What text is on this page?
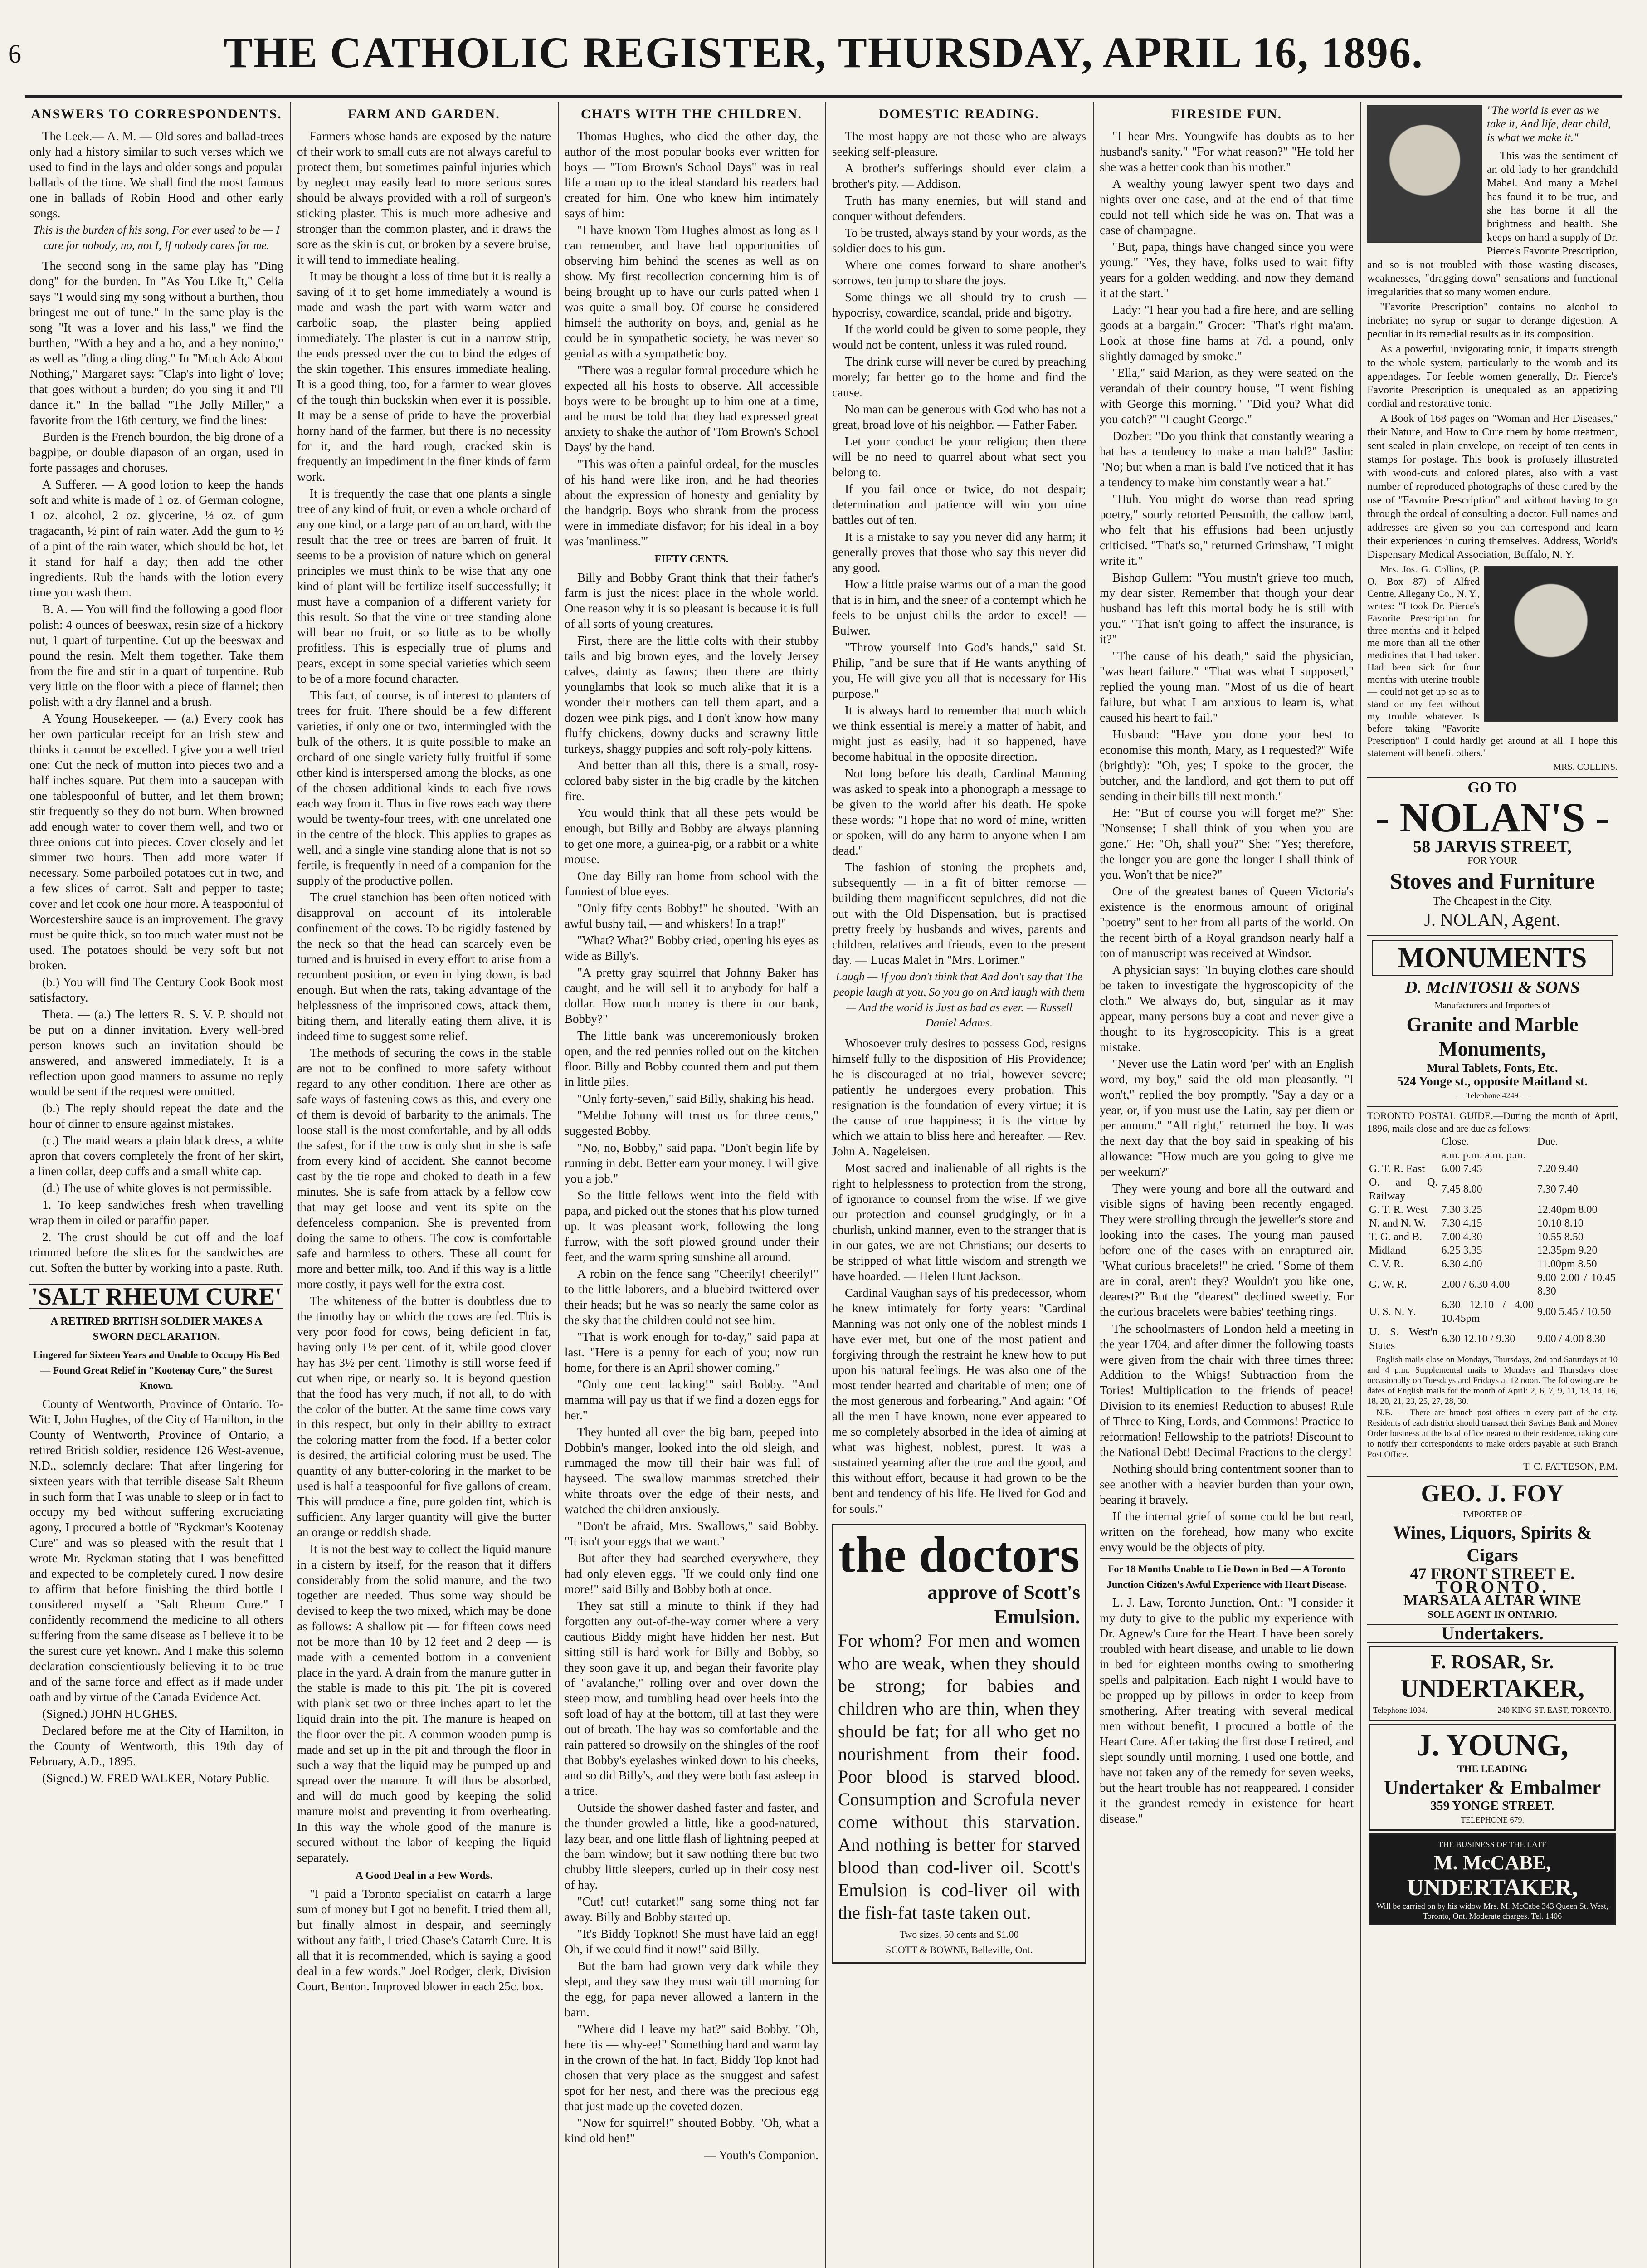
6	THE CATHOLIC REGISTER, THURSDAY, APRIL 16, 1896.
ANSWERS TO CORRESPONDENTS.

The Leek.— A. M. — Old sores and ballad-trees only had a history similar to such verses which we used to find in the lays and older songs and popular ballads of the time. We shall find the most famous one in ballads of Robin Hood and other early songs.

This is the burden of his song, For ever used to be — I care for nobody, no, not I, If nobody cares for me.

The second song in the same play has "Ding dong" for the burden. In "As You Like It," Celia says "I would sing my song without a burthen, thou bringest me out of tune." In the same play is the song "It was a lover and his lass," we find the burthen, "With a hey and a ho, and a hey nonino," as well as "ding a ding ding." In "Much Ado About Nothing," Margaret says: "Clap's into light o' love; that goes without a burden; do you sing it and I'll dance it." In the ballad "The Jolly Miller," a favorite from the 16th century, we find the lines:

Burden is the French bourdon, the big drone of a bagpipe, or double diapason of an organ, used in forte passages and choruses.

A Sufferer. — A good lotion to keep the hands soft and white is made of 1 oz. of German cologne, 1 oz. alcohol, 2 oz. glycerine, ½ oz. of gum tragacanth, ½ pint of rain water. Add the gum to ½ of a pint of the rain water, which should be hot, let it stand for half a day; then add the other ingredients. Rub the hands with the lotion every time you wash them.

B. A. — You will find the following a good floor polish: 4 ounces of beeswax, resin size of a hickory nut, 1 quart of turpentine. Cut up the beeswax and pound the resin. Melt them together. Take them from the fire and stir in a quart of turpentine. Rub very little on the floor with a piece of flannel; then polish with a dry flannel and a brush.

A Young Housekeeper. — (a.) Every cook has her own particular receipt for an Irish stew and thinks it cannot be excelled. I give you a well tried one: Cut the neck of mutton into pieces two and a half inches square. Put them into a saucepan with one tablespoonful of butter, and let them brown; stir frequently so they do not burn. When browned add enough water to cover them well, and two or three onions cut into pieces. Cover closely and let simmer two hours. Then add more water if necessary. Some parboiled potatoes cut in two, and a few slices of carrot. Salt and pepper to taste; cover and let cook one hour more. A teaspoonful of Worcestershire sauce is an improvement. The gravy must be quite thick, so too much water must not be used. The potatoes should be very soft but not broken.

(b.) You will find The Century Cook Book most satisfactory.

Theta. — (a.) The letters R. S. V. P. should not be put on a dinner invitation. Every well-bred person knows such an invitation should be answered, and answered immediately. It is a reflection upon good manners to assume no reply would be sent if the request were omitted.

(b.) The reply should repeat the date and the hour of dinner to ensure against mistakes.

(c.) The maid wears a plain black dress, a white apron that covers completely the front of her skirt, a linen collar, deep cuffs and a small white cap.

(d.) The use of white gloves is not permissible.

1. To keep sandwiches fresh when travelling wrap them in oiled or paraffin paper.

2. The crust should be cut off and the loaf trimmed before the slices for the sandwiches are cut. Soften the butter by working into a paste. Ruth.

'SALT RHEUM CURE'
A RETIRED BRITISH SOLDIER MAKES A SWORN DECLARATION.
Lingered for Sixteen Years and Unable to Occupy His Bed — Found Great Relief in "Kootenay Cure," the Surest Known.

County of Wentworth, Province of Ontario. To-Wit: I, John Hughes, of the City of Hamilton, in the County of Wentworth, Province of Ontario, a retired British soldier, residence 126 West-avenue, N.D., solemnly declare: That after lingering for sixteen years with that terrible disease Salt Rheum in such form that I was unable to sleep or in fact to occupy my bed without suffering excruciating agony, I procured a bottle of "Ryckman's Kootenay Cure" and was so pleased with the result that I wrote Mr. Ryckman stating that I was benefitted and expected to be completely cured. I now desire to affirm that before finishing the third bottle I considered myself a "Salt Rheum Cure." I confidently recommend the medicine to all others suffering from the same disease as I believe it to be the surest cure yet known. And I make this solemn declaration conscientiously believing it to be true and of the same force and effect as if made under oath and by virtue of the Canada Evidence Act.

(Signed.) JOHN HUGHES.

Declared before me at the City of Hamilton, in the County of Wentworth, this 19th day of February, A.D., 1895.

(Signed.) W. FRED WALKER, Notary Public.

FARM AND GARDEN.

Farmers whose hands are exposed by the nature of their work to small cuts are not always careful to protect them; but sometimes painful injuries which by neglect may easily lead to more serious sores should be always provided with a roll of surgeon's sticking plaster. This is much more adhesive and stronger than the common plaster, and it draws the sore as the skin is cut, or broken by a severe bruise, it will tend to immediate healing.

It may be thought a loss of time but it is really a saving of it to get home immediately a wound is made and wash the part with warm water and carbolic soap, the plaster being applied immediately. The plaster is cut in a narrow strip, the ends pressed over the cut to bind the edges of the skin together. This ensures immediate healing. It is a good thing, too, for a farmer to wear gloves of the tough thin buckskin when ever it is possible. It may be a sense of pride to have the proverbial horny hand of the farmer, but there is no necessity for it, and the hard rough, cracked skin is frequently an impediment in the finer kinds of farm work.

It is frequently the case that one plants a single tree of any kind of fruit, or even a whole orchard of any one kind, or a large part of an orchard, with the result that the tree or trees are barren of fruit. It seems to be a provision of nature which on general principles we must think to be wise that any one kind of plant will be fertilize itself successfully; it must have a companion of a different variety for this result. So that the vine or tree standing alone will bear no fruit, or so little as to be wholly profitless. This is especially true of plums and pears, except in some special varieties which seem to be of a more focund character.

This fact, of course, is of interest to planters of trees for fruit. There should be a few different varieties, if only one or two, intermingled with the bulk of the others. It is quite possible to make an orchard of one single variety fully fruitful if some other kind is interspersed among the blocks, as one of the chosen additional kinds to each five rows each way from it. Thus in five rows each way there would be twenty-four trees, with one unrelated one in the centre of the block. This applies to grapes as well, and a single vine standing alone that is not so fertile, is frequently in need of a companion for the supply of the productive pollen.

The cruel stanchion has been often noticed with disapproval on account of its intolerable confinement of the cows. To be rigidly fastened by the neck so that the head can scarcely even be turned and is bruised in every effort to arise from a recumbent position, or even in lying down, is bad enough. But when the rats, taking advantage of the helplessness of the imprisoned cows, attack them, biting them, and literally eating them alive, it is indeed time to suggest some relief.

The methods of securing the cows in the stable are not to be confined to more safety without regard to any other condition. There are other as safe ways of fastening cows as this, and every one of them is devoid of barbarity to the animals. The loose stall is the most comfortable, and by all odds the safest, for if the cow is only shut in she is safe from every kind of accident. She cannot become cast by the tie rope and choked to death in a few minutes. She is safe from attack by a fellow cow that may get loose and vent its spite on the defenceless companion. She is prevented from doing the same to others. The cow is comfortable safe and harmless to others. These all count for more and better milk, too. And if this way is a little more costly, it pays well for the extra cost.

The whiteness of the butter is doubtless due to the timothy hay on which the cows are fed. This is very poor food for cows, being deficient in fat, having only 1½ per cent. of it, while good clover hay has 3½ per cent. Timothy is still worse feed if cut when ripe, or nearly so. It is beyond question that the food has very much, if not all, to do with the color of the butter. At the same time cows vary in this respect, but only in their ability to extract the coloring matter from the food. If a better color is desired, the artificial coloring must be used. The quantity of any butter-coloring in the market to be used is half a teaspoonful for five gallons of cream. This will produce a fine, pure golden tint, which is sufficient. Any larger quantity will give the butter an orange or reddish shade.

It is not the best way to collect the liquid manure in a cistern by itself, for the reason that it differs considerably from the solid manure, and the two together are needed. Thus some way should be devised to keep the two mixed, which may be done as follows: A shallow pit — for fifteen cows need not be more than 10 by 12 feet and 2 deep — is made with a cemented bottom in a convenient place in the yard. A drain from the manure gutter in the stable is made to this pit. The pit is covered with plank set two or three inches apart to let the liquid drain into the pit. The manure is heaped on the floor over the pit. A common wooden pump is made and set up in the pit and through the floor in such a way that the liquid may be pumped up and spread over the manure. It will thus be absorbed, and will do much good by keeping the solid manure moist and preventing it from overheating. In this way the whole good of the manure is secured without the labor of keeping the liquid separately.

A Good Deal in a Few Words.

"I paid a Toronto specialist on catarrh a large sum of money but I got no benefit. I tried them all, but finally almost in despair, and seemingly without any faith, I tried Chase's Catarrh Cure. It is all that it is recommended, which is saying a good deal in a few words." Joel Rodger, clerk, Division Court, Benton. Improved blower in each 25c. box.

CHATS WITH THE CHILDREN.

Thomas Hughes, who died the other day, the author of the most popular books ever written for boys — "Tom Brown's School Days" was in real life a man up to the ideal standard his readers had created for him. One who knew him intimately says of him:

"I have known Tom Hughes almost as long as I can remember, and have had opportunities of observing him behind the scenes as well as on show. My first recollection concerning him is of being brought up to have our curls patted when I was quite a small boy. Of course he considered himself the authority on boys, and, genial as he could be in sympathetic society, he was never so genial as with a sympathetic boy.

"There was a regular formal procedure which he expected all his hosts to observe. All accessible boys were to be brought up to him one at a time, and he must be told that they had expressed great anxiety to shake the author of 'Tom Brown's School Days' by the hand.

"This was often a painful ordeal, for the muscles of his hand were like iron, and he had theories about the expression of honesty and geniality by the handgrip. Boys who shrank from the process were in immediate disfavor; for his ideal in a boy was 'manliness.'"

FIFTY CENTS.

Billy and Bobby Grant think that their father's farm is just the nicest place in the whole world. One reason why it is so pleasant is because it is full of all sorts of young creatures.

First, there are the little colts with their stubby tails and big brown eyes, and the lovely Jersey calves, dainty as fawns; then there are thirty younglambs that look so much alike that it is a wonder their mothers can tell them apart, and a dozen wee pink pigs, and I don't know how many fluffy chickens, downy ducks and scrawny little turkeys, shaggy puppies and soft roly-poly kittens.

And better than all this, there is a small, rosy-colored baby sister in the big cradle by the kitchen fire.

You would think that all these pets would be enough, but Billy and Bobby are always planning to get one more, a guinea-pig, or a rabbit or a white mouse.

One day Billy ran home from school with the funniest of blue eyes.

"Only fifty cents Bobby!" he shouted. "With an awful bushy tail, — and whiskers! In a trap!"

"What? What?" Bobby cried, opening his eyes as wide as Billy's.

"A pretty gray squirrel that Johnny Baker has caught, and he will sell it to anybody for half a dollar. How much money is there in our bank, Bobby?"

The little bank was unceremoniously broken open, and the red pennies rolled out on the kitchen floor. Billy and Bobby counted them and put them in little piles.

"Only forty-seven," said Billy, shaking his head.

"Mebbe Johnny will trust us for three cents," suggested Bobby.

"No, no, Bobby," said papa. "Don't begin life by running in debt. Better earn your money. I will give you a job."

So the little fellows went into the field with papa, and picked out the stones that his plow turned up. It was pleasant work, following the long furrow, with the soft plowed ground under their feet, and the warm spring sunshine all around.

A robin on the fence sang "Cheerily! cheerily!" to the little laborers, and a bluebird twittered over their heads; but he was so nearly the same color as the sky that the children could not see him.

"That is work enough for to-day," said papa at last. "Here is a penny for each of you; now run home, for there is an April shower coming."

"Only one cent lacking!" said Bobby. "And mamma will pay us that if we find a dozen eggs for her."

They hunted all over the big barn, peeped into Dobbin's manger, looked into the old sleigh, and rummaged the mow till their hair was full of hayseed. The swallow mammas stretched their white throats over the edge of their nests, and watched the children anxiously.

"Don't be afraid, Mrs. Swallows," said Bobby. "It isn't your eggs that we want."

But after they had searched everywhere, they had only eleven eggs. "If we could only find one more!" said Billy and Bobby both at once.

They sat still a minute to think if they had forgotten any out-of-the-way corner where a very cautious Biddy might have hidden her nest. But sitting still is hard work for Billy and Bobby, so they soon gave it up, and began their favorite play of "avalanche," rolling over and over down the steep mow, and tumbling head over heels into the soft load of hay at the bottom, till at last they were out of breath. The hay was so comfortable and the rain pattered so drowsily on the shingles of the roof that Bobby's eyelashes winked down to his cheeks, and so did Billy's, and they were both fast asleep in a trice.

Outside the shower dashed faster and faster, and the thunder growled a little, like a good-natured, lazy bear, and one little flash of lightning peeped at the barn window; but it saw nothing there but two chubby little sleepers, curled up in their cosy nest of hay.

"Cut! cut! cutarket!" sang some thing not far away. Billy and Bobby started up.

"It's Biddy Topknot! She must have laid an egg! Oh, if we could find it now!" said Billy.

But the barn had grown very dark while they slept, and they saw they must wait till morning for the egg, for papa never allowed a lantern in the barn.

"Where did I leave my hat?" said Bobby. "Oh, here 'tis — why-ee!" Something hard and warm lay in the crown of the hat. In fact, Biddy Top knot had chosen that very place as the snuggest and safest spot for her nest, and there was the precious egg that just made up the coveted dozen.

"Now for squirrel!" shouted Bobby. "Oh, what a kind old hen!"

— Youth's Companion.

DOMESTIC READING.

The most happy are not those who are always seeking self-pleasure.

A brother's sufferings should ever claim a brother's pity. — Addison.

Truth has many enemies, but will stand and conquer without defenders.

To be trusted, always stand by your words, as the soldier does to his gun.

Where one comes forward to share another's sorrows, ten jump to share the joys.

Some things we all should try to crush — hypocrisy, cowardice, scandal, pride and bigotry.

If the world could be given to some people, they would not be content, unless it was ruled round.

The drink curse will never be cured by preaching morely; far better go to the home and find the cause.

No man can be generous with God who has not a great, broad love of his neighbor. — Father Faber.

Let your conduct be your religion; then there will be no need to quarrel about what sect you belong to.

If you fail once or twice, do not despair; determination and patience will win you nine battles out of ten.

It is a mistake to say you never did any harm; it generally proves that those who say this never did any good.

How a little praise warms out of a man the good that is in him, and the sneer of a contempt which he feels to be unjust chills the ardor to excel! — Bulwer.

"Throw yourself into God's hands," said St. Philip, "and be sure that if He wants anything of you, He will give you all that is necessary for His purpose."

It is always hard to remember that much which we think essential is merely a matter of habit, and might just as easily, had it so happened, have become habitual in the opposite direction.

Not long before his death, Cardinal Manning was asked to speak into a phonograph a message to be given to the world after his death. He spoke these words: "I hope that no word of mine, written or spoken, will do any harm to anyone when I am dead."

The fashion of stoning the prophets and, subsequently — in a fit of bitter remorse — building them magnificent sepulchres, did not die out with the Old Dispensation, but is practised pretty freely by husbands and wives, parents and children, relatives and friends, even to the present day. — Lucas Malet in "Mrs. Lorimer."

Laugh — If you don't think that And don't say that The people laugh at you, So you go on And laugh with them — And the world is Just as bad as ever. — Russell Daniel Adams.

Whosoever truly desires to possess God, resigns himself fully to the disposition of His Providence; he is discouraged at no trial, however severe; patiently he undergoes every probation. This resignation is the foundation of every virtue; it is the cause of true happiness; it is the virtue by which we attain to bliss here and hereafter. — Rev. John A. Nageleisen.

Most sacred and inalienable of all rights is the right to helplessness to protection from the strong, of ignorance to counsel from the wise. If we give our protection and counsel grudgingly, or in a churlish, unkind manner, even to the stranger that is in our gates, we are not Christians; our deserts to be stripped of what little wisdom and strength we have hoarded. — Helen Hunt Jackson.

Cardinal Vaughan says of his predecessor, whom he knew intimately for forty years: "Cardinal Manning was not only one of the noblest minds I have ever met, but one of the most patient and forgiving through the restraint he knew how to put upon his natural feelings. He was also one of the most tender hearted and charitable of men; one of the most generous and forbearing." And again: "Of all the men I have known, none ever appeared to me so completely absorbed in the idea of aiming at what was highest, noblest, purest. It was a sustained yearning after the true and the good, and this without effort, because it had grown to be the bent and tendency of his life. He lived for God and for souls."

the doctors
approve of Scott's Emulsion.
For whom? For men and women who are weak, when they should be strong; for babies and children who are thin, when they should be fat; for all who get no nourishment from their food. Poor blood is starved blood. Consumption and Scrofula never come without this starvation. And nothing is better for starved blood than cod-liver oil. Scott's Emulsion is cod-liver oil with the fish-fat taste taken out.
Two sizes, 50 cents and $1.00
SCOTT & BOWNE, Belleville, Ont.
FIRESIDE FUN.

"I hear Mrs. Youngwife has doubts as to her husband's sanity." "For what reason?" "He told her she was a better cook than his mother."

A wealthy young lawyer spent two days and nights over one case, and at the end of that time could not tell which side he was on. That was a case of champagne.

"But, papa, things have changed since you were young." "Yes, they have, folks used to wait fifty years for a golden wedding, and now they demand it at the start."

Lady: "I hear you had a fire here, and are selling goods at a bargain." Grocer: "That's right ma'am. Look at those fine hams at 7d. a pound, only slightly damaged by smoke."

"Ella," said Marion, as they were seated on the verandah of their country house, "I went fishing with George this morning." "Did you? What did you catch?" "I caught George."

Dozber: "Do you think that constantly wearing a hat has a tendency to make a man bald?" Jaslin: "No; but when a man is bald I've noticed that it has a tendency to make him constantly wear a hat."

"Huh. You might do worse than read spring poetry," sourly retorted Pensmith, the callow bard, who felt that his effusions had been unjustly criticised. "That's so," returned Grimshaw, "I might write it."

Bishop Gullem: "You mustn't grieve too much, my dear sister. Remember that though your dear husband has left this mortal body he is still with you." "That isn't going to affect the insurance, is it?"

"The cause of his death," said the physician, "was heart failure." "That was what I supposed," replied the young man. "Most of us die of heart failure, but what I am anxious to learn is, what caused his heart to fail."

Husband: "Have you done your best to economise this month, Mary, as I requested?" Wife (brightly): "Oh, yes; I spoke to the grocer, the butcher, and the landlord, and got them to put off sending in their bills till next month."

He: "But of course you will forget me?" She: "Nonsense; I shall think of you when you are gone." He: "Oh, shall you?" She: "Yes; therefore, the longer you are gone the longer I shall think of you. Won't that be nice?"

One of the greatest banes of Queen Victoria's existence is the enormous amount of original "poetry" sent to her from all parts of the world. On the recent birth of a Royal grandson nearly half a ton of manuscript was received at Windsor.

A physician says: "In buying clothes care should be taken to investigate the hygroscopicity of the cloth." We always do, but, singular as it may appear, many persons buy a coat and never give a thought to its hygroscopicity. This is a great mistake.

"Never use the Latin word 'per' with an English word, my boy," said the old man pleasantly. "I won't," replied the boy promptly. "Say a day or a year, or, if you must use the Latin, say per diem or per annum." "All right," returned the boy. It was the next day that the boy said in speaking of his allowance: "How much are you going to give me per weekum?"

They were young and bore all the outward and visible signs of having been recently engaged. They were strolling through the jeweller's store and looking into the cases. The young man paused before one of the cases with an enraptured air. "What curious bracelets!" he cried. "Some of them are in coral, aren't they? Wouldn't you like one, dearest?" But the "dearest" declined sweetly. For the curious bracelets were babies' teething rings.

The schoolmasters of London held a meeting in the year 1704, and after dinner the following toasts were given from the chair with three times three: Addition to the Whigs! Subtraction from the Tories! Multiplication to the friends of peace! Division to its enemies! Reduction to abuses! Rule of Three to King, Lords, and Commons! Practice to reformation! Fellowship to the patriots! Discount to the National Debt! Decimal Fractions to the clergy!

Nothing should bring contentment sooner than to see another with a heavier burden than your own, bearing it bravely.

If the internal grief of some could be but read, written on the forehead, how many who excite envy would be the objects of pity.

For 18 Months Unable to Lie Down in Bed — A Toronto Junction Citizen's Awful Experience with Heart Disease.

L. J. Law, Toronto Junction, Ont.: "I consider it my duty to give to the public my experience with Dr. Agnew's Cure for the Heart. I have been sorely troubled with heart disease, and unable to lie down in bed for eighteen months owing to smothering spells and palpitation. Each night I would have to be propped up by pillows in order to keep from smothering. After treating with several medical men without benefit, I procured a bottle of the Heart Cure. After taking the first dose I retired, and slept soundly until morning. I used one bottle, and have not taken any of the remedy for seven weeks, but the heart trouble has not reappeared. I consider it the grandest remedy in existence for heart disease."

"The world is ever as we take it, And life, dear child, is what we make it."

This was the sentiment of an old lady to her grandchild Mabel. And many a Mabel has found it to be true, and she has borne it all the brightness and health. She keeps on hand a supply of Dr. Pierce's Favorite Prescription, and so is not troubled with those wasting diseases, weaknesses, "dragging-down" sensations and functional irregularities that so many women endure.

"Favorite Prescription" contains no alcohol to inebriate; no syrup or sugar to derange digestion. A peculiar in its remedial results as in its composition.

As a powerful, invigorating tonic, it imparts strength to the whole system, particularly to the womb and its appendages. For feeble women generally, Dr. Pierce's Favorite Prescription is unequaled as an appetizing cordial and restorative tonic.

A Book of 168 pages on "Woman and Her Diseases," their Nature, and How to Cure them by home treatment, sent sealed in plain envelope, on receipt of ten cents in stamps for postage. This book is profusely illustrated with wood-cuts and colored plates, also with a vast number of reproduced photographs of those cured by the use of "Favorite Prescription" and without having to go through the ordeal of consulting a doctor. Full names and addresses are given so you can correspond and learn their experiences in curing themselves. Address, World's Dispensary Medical Association, Buffalo, N. Y.

Mrs. Jos. G. Collins, (P. O. Box 87) of Alfred Centre, Allegany Co., N. Y., writes: "I took Dr. Pierce's Favorite Prescription for three months and it helped me more than all the other medicines that I had taken. Had been sick for four months with uterine trouble — could not get up so as to stand on my feet without my trouble whatever. Is before taking "Favorite Prescription" I could hardly get around at all. I hope this statement will benefit others."

MRS. COLLINS.
GO TO
- NOLAN'S -
58 JARVIS STREET,
FOR YOUR
Stoves and Furniture
The Cheapest in the City.
J. NOLAN, Agent.
MONUMENTS
D. McINTOSH & SONS
Manufacturers and Importers of
Granite and Marble Monuments,
Mural Tablets, Fonts, Etc.
524 Yonge st., opposite Maitland st.
— Telephone 4249 —

TORONTO POSTAL GUIDE.—During the month of April, 1896, mails close and are due as follows:

	Close.	Due.
	a.m. p.m. a.m. p.m.	
G. T. R. East	6.00 7.45	7.20 9.40
O. and Q. Railway	7.45 8.00	7.30 7.40
G. T. R. West	7.30 3.25	12.40pm 8.00
N. and N. W.	7.30 4.15	10.10 8.10
T. G. and B.	7.00 4.30	10.55 8.50
Midland	6.25 3.35	12.35pm 9.20
C. V. R.	6.30 4.00	11.00pm 8.50
G. W. R.	2.00 / 6.30 4.00	9.00 2.00 / 10.45 8.30
U. S. N. Y.	6.30 12.10 / 4.00 10.45pm	9.00 5.45 / 10.50
U. S. West'n States	6.30 12.10 / 9.30	9.00 / 4.00 8.30

English mails close on Mondays, Thursdays, 2nd and Saturdays at 10 and 4 p.m. Supplemental mails to Mondays and Thursdays close occasionally on Tuesdays and Fridays at 12 noon. The following are the dates of English mails for the month of April: 2, 6, 7, 9, 11, 13, 14, 16, 18, 20, 21, 23, 25, 27, 28, 30.

N.B. — There are branch post offices in every part of the city. Residents of each district should transact their Savings Bank and Money Order business at the local office nearest to their residence, taking care to notify their correspondents to make orders payable at such Branch Post Office.

T. C. PATTESON, P.M.

GEO. J. FOY
— IMPORTER OF —
Wines, Liquors, Spirits & Cigars
47 FRONT STREET E.
TORONTO.
MARSALA ALTAR WINE
SOLE AGENT IN ONTARIO.
Undertakers.
F. ROSAR, Sr.
UNDERTAKER,
Telephone 1034.	240 KING ST. EAST, TORONTO.
J. YOUNG,
THE LEADING
Undertaker & Embalmer
359 YONGE STREET.
TELEPHONE 679.
THE BUSINESS OF THE LATE
M. McCABE,
UNDERTAKER,
Will be carried on by his widow Mrs. M. McCabe 343 Queen St. West, Toronto, Ont. Moderate charges. Tel. 1406
